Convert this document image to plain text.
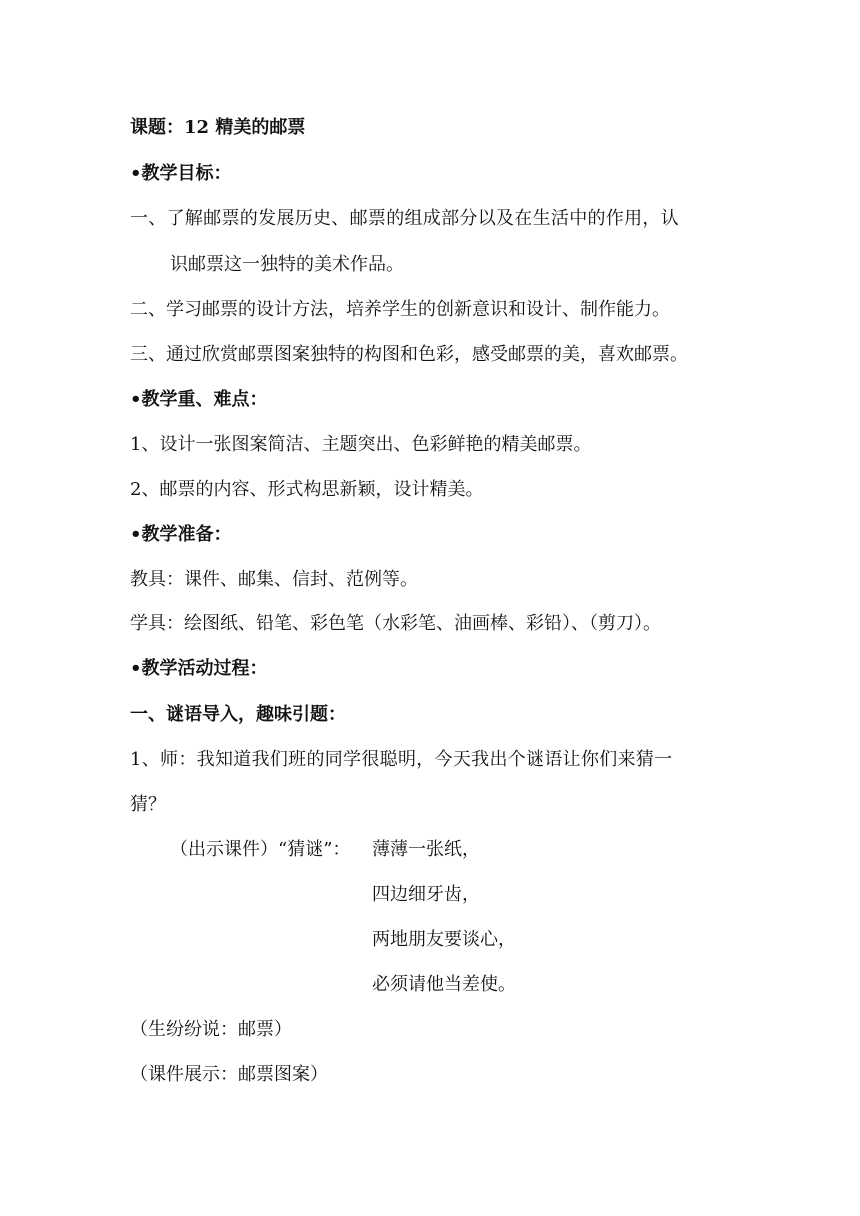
课题：12 精美的邮票
•教学目标：
一、了解邮票的发展历史、邮票的组成部分以及在生活中的作用，认
识邮票这一独特的美术作品。
二、学习邮票的设计方法，培养学生的创新意识和设计、制作能力。
三、通过欣赏邮票图案独特的构图和色彩，感受邮票的美，喜欢邮票。
•教学重、难点：
1、设计一张图案简洁、主题突出、色彩鲜艳的精美邮票。
2、邮票的内容、形式构思新颖，设计精美。
•教学准备：
教具：课件、邮集、信封、范例等。
学具：绘图纸、铅笔、彩色笔（水彩笔、油画棒、彩铅）、（剪刀）。
•教学活动过程：
一、谜语导入，趣味引题：
1、师：我知道我们班的同学很聪明，今天我出个谜语让你们来猜一
猜？
（出示课件）“猜谜”： 薄薄一张纸，
四边细牙齿，
两地朋友要谈心，
必须请他当差使。
（生纷纷说：邮票）
（课件展示：邮票图案）
